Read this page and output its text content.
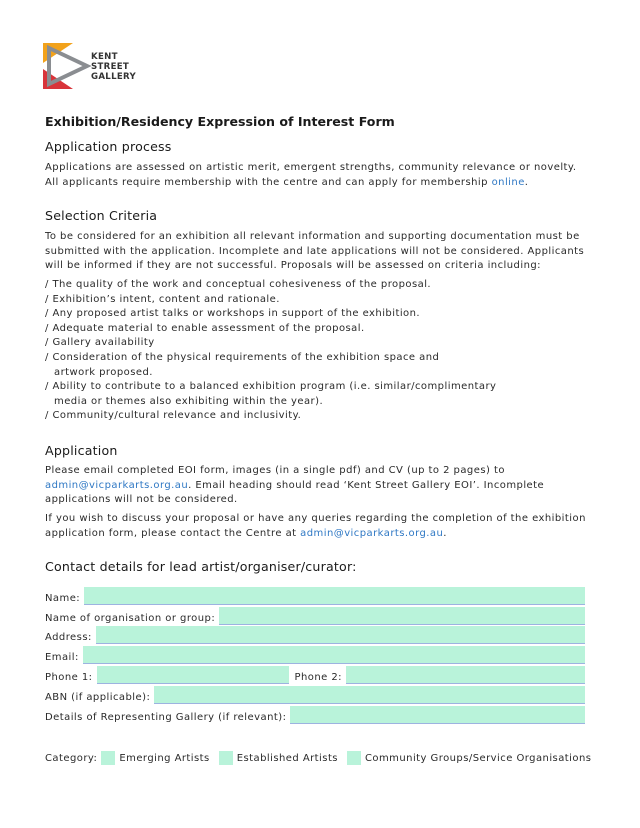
KENT
STREET
GALLERY
Exhibition/Residency Expression of Interest Form
Application process

Applications are assessed on artistic merit, emergent strengths, community relevance or novelty. All applicants require membership with the centre and can apply for membership online.

Selection Criteria

To be considered for an exhibition all relevant information and supporting documentation must be submitted with the application. Incomplete and late applications will not be considered. Applicants will be informed if they are not successful. Proposals will be assessed on criteria including:

/ The quality of the work and conceptual cohesiveness of the proposal.
/ Exhibition’s intent, content and rationale.
/ Any proposed artist talks or workshops in support of the exhibition.
/ Adequate material to enable assessment of the proposal.
/ Gallery availability
/ Consideration of the physical requirements of the exhibition space and artwork proposed.
/ Ability to contribute to a balanced exhibition program (i.e. similar/complimentary media or themes also exhibiting within the year).
/ Community/cultural relevance and inclusivity.
Application

Please email completed EOI form, images (in a single pdf) and CV (up to 2 pages) to admin@vicparkarts.org.au. Email heading should read ‘Kent Street Gallery EOI’. Incomplete applications will not be considered.

If you wish to discuss your proposal or have any queries regarding the completion of the exhibition application form, please contact the Centre at admin@vicparkarts.org.au.

Contact details for lead artist/organiser/curator:
Name:
Name of organisation or group:
Address:
Email:
Phone 1:	Phone 2:
ABN (if applicable):
Details of Representing Gallery (if relevant):
Category: Emerging Artists	Established Artists	Community Groups/Service Organisations
